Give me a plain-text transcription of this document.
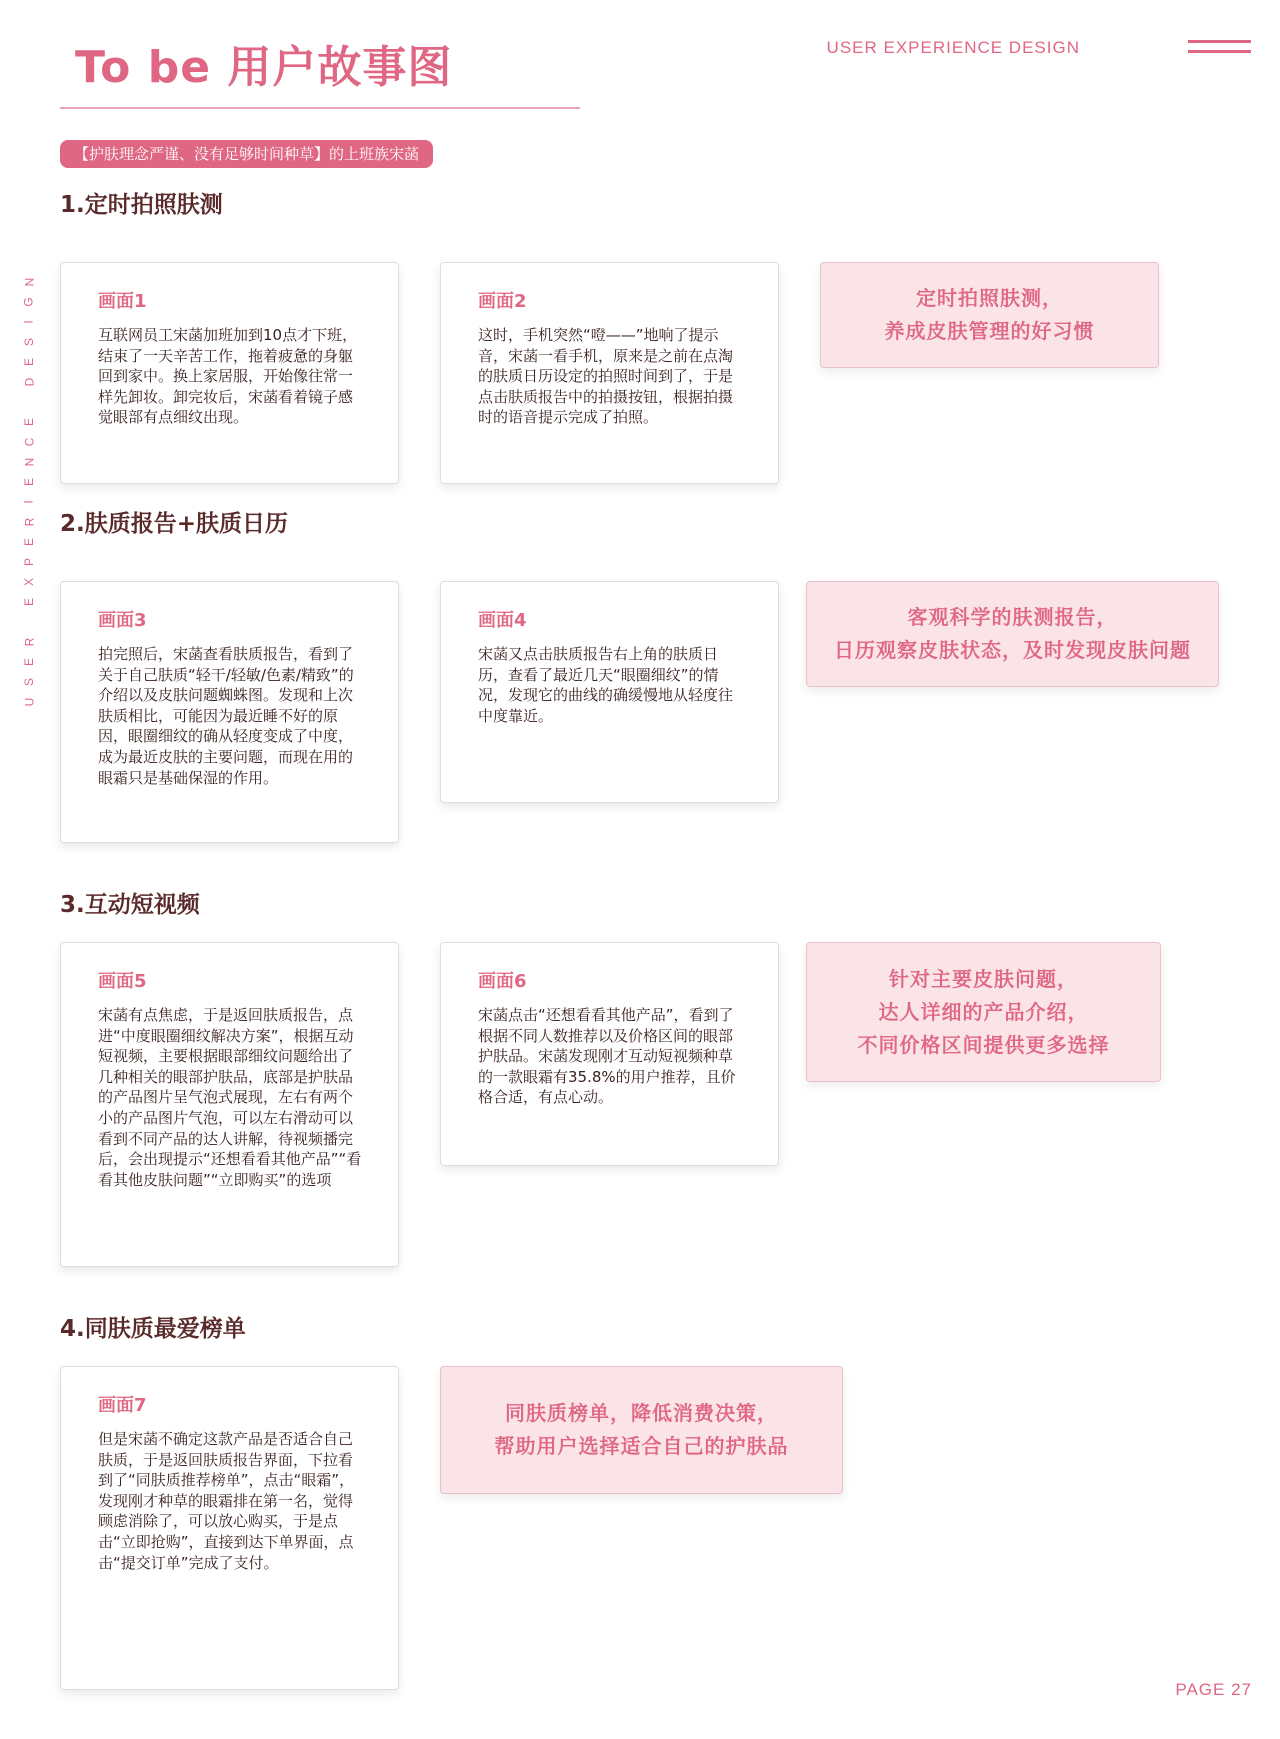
To be 用户故事图	USER EXPERIENCE DESIGN
N
G
I
S
E
D

E
C
N
E
I
R
E
P
X
E

R
E
S
U
【护肤理念严谨、没有足够时间种草】的上班族宋菡
1.定时拍照肤测
画面1

互联网员工宋菡加班加到10点才下班，结束了一天辛苦工作，拖着疲惫的身躯回到家中。换上家居服，开始像往常一样先卸妆。卸完妆后，宋菡看着镜子感觉眼部有点细纹出现。

画面2

这时，手机突然“噔——”地响了提示音，宋菡一看手机，原来是之前在点淘的肤质日历设定的拍照时间到了，于是点击肤质报告中的拍摄按钮，根据拍摄时的语音提示完成了拍照。

定时拍照肤测，
养成皮肤管理的好习惯
2.肤质报告+肤质日历
画面3

拍完照后，宋菡查看肤质报告，看到了关于自己肤质“轻干/轻敏/色素/精致”的介绍以及皮肤问题蜘蛛图。发现和上次肤质相比，可能因为最近睡不好的原因，眼圈细纹的确从轻度变成了中度，成为最近皮肤的主要问题，而现在用的眼霜只是基础保湿的作用。

画面4

宋菡又点击肤质报告右上角的肤质日历，查看了最近几天“眼圈细纹”的情况，发现它的曲线的确缓慢地从轻度往中度靠近。

客观科学的肤测报告，
日历观察皮肤状态，及时发现皮肤问题
3.互动短视频
画面5

宋菡有点焦虑，于是返回肤质报告，点进“中度眼圈细纹解决方案”，根据互动短视频，主要根据眼部细纹问题给出了几种相关的眼部护肤品，底部是护肤品的产品图片呈气泡式展现，左右有两个小的产品图片气泡，可以左右滑动可以看到不同产品的达人讲解，待视频播完后，会出现提示“还想看看其他产品”“看看其他皮肤问题”“立即购买”的选项

画面6

宋菡点击“还想看看其他产品”，看到了根据不同人数推荐以及价格区间的眼部护肤品。宋菡发现刚才互动短视频种草的一款眼霜有35.8%的用户推荐，且价格合适，有点心动。

针对主要皮肤问题，
达人详细的产品介绍，
不同价格区间提供更多选择
4.同肤质最爱榜单
画面7

但是宋菡不确定这款产品是否适合自己肤质，于是返回肤质报告界面，下拉看到了“同肤质推荐榜单”，点击“眼霜”，发现刚才种草的眼霜排在第一名，觉得顾虑消除了，可以放心购买，于是点击“立即抢购”，直接到达下单界面，点击“提交订单”完成了支付。

同肤质榜单，降低消费决策，
帮助用户选择适合自己的护肤品
PAGE 27
